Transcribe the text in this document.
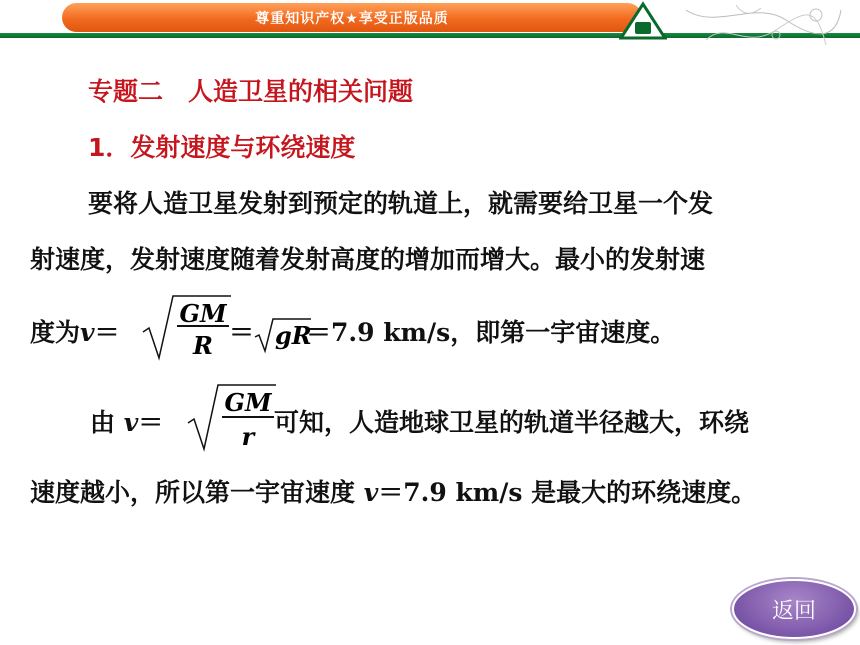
尊重知识产权★享受正版品质
专题二　人造卫星的相关问题
1．发射速度与环绕速度
要将人造卫星发射到预定的轨道上，就需要给卫星一个发
射速度，发射速度随着发射高度的增加而增大。最小的发射速
度为v＝
GM
R ＝ gR
＝7.9 km/s，即第一宇宙速度。
由 v＝
GM
r 可知，人造地球卫星的轨道半径越大，环绕
速度越小，所以第一宇宙速度 v＝7.9 km/s 是最大的环绕速度。
返回
